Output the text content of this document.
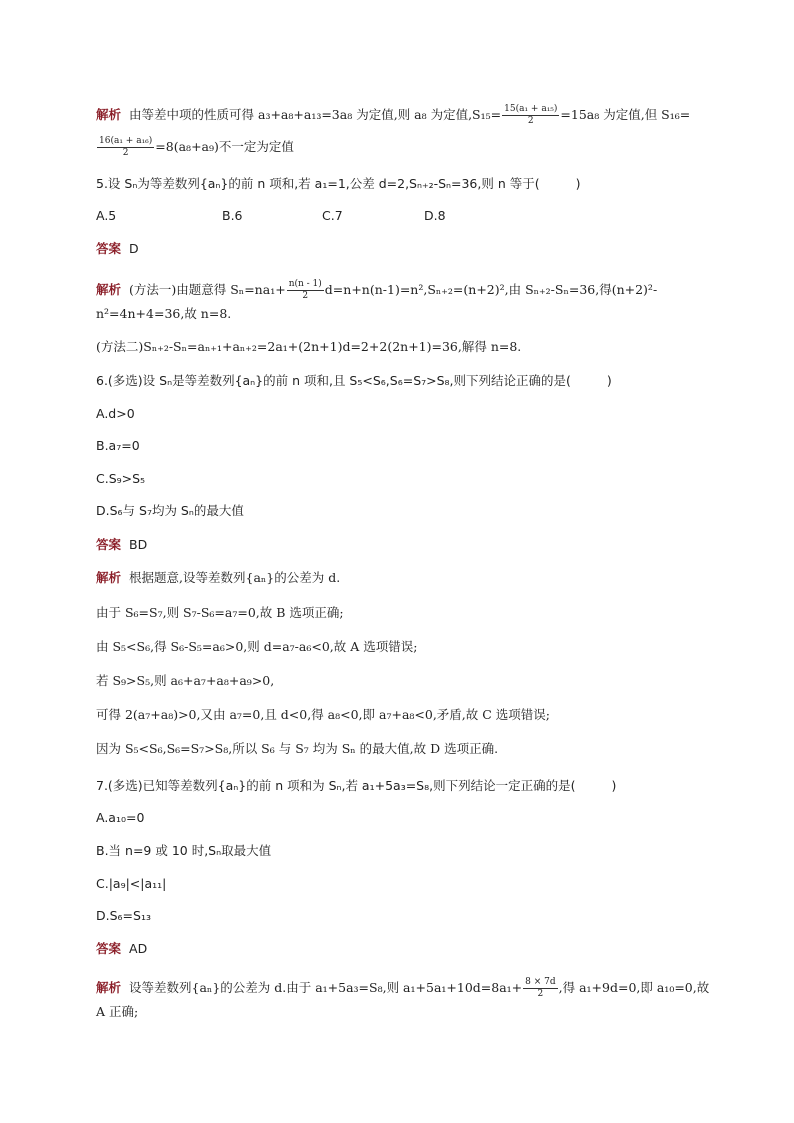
解析 由等差中项的性质可得 a₃+a₈+a₁₃=3a₈ 为定值,则 a₈ 为定值$,S_{15}= \frac{\text{15(a₁ + a₁₅)}}{2} =15a_8$ 为定值,但 S₁₆=
$\frac{\text{16(a₁ + a₁₆)}}{2} =8(a_8+a_9)$不一定为定值
5.设 Sₙ为等差数列{aₙ}的前 n 项和,若 a₁=1,公差 d=2,Sₙ₊₂-Sₙ=36,则 n 等于(	)
A.5	B.6	C.7	D.8
答案 D
解析 (方法一)由题意得 $S_n=na_1+ \frac{n(n - 1)}{2} d=n+n(n-1)=n^2,S_{n+2}=(n+2)^2$,由 Sₙ₊₂-Sₙ=36,得(n+2)²-
n²=4n+4=36,故 n=8.
(方法二)Sₙ₊₂-Sₙ=aₙ₊₁+aₙ₊₂=2a₁+(2n+1)d=2+2(2n+1)=36,解得 n=8.
6.(多选)设 Sₙ是等差数列{aₙ}的前 n 项和,且 S₅<S₆,S₆=S₇>S₈,则下列结论正确的是(	)
A.d>0
B.a₇=0
C.S₉>S₅
D.S₆与 S₇均为 Sₙ的最大值
答案 BD
解析 根据题意,设等差数列{aₙ}的公差为 d.
由于 S₆=S₇,则 S₇-S₆=a₇=0,故 B 选项正确;
由 S₅<S₆,得 S₆-S₅=a₆>0,则 d=a₇-a₆<0,故 A 选项错误;
若 S₉>S₅,则 a₆+a₇+a₈+a₉>0,
可得 2(a₇+a₈)>0,又由 a₇=0,且 d<0,得 a₈<0,即 a₇+a₈<0,矛盾,故 C 选项错误;
因为 S₅<S₆,S₆=S₇>S₈,所以 S₆ 与 S₇ 均为 Sₙ 的最大值,故 D 选项正确.
7.(多选)已知等差数列{aₙ}的前 n 项和为 Sₙ,若 a₁+5a₃=S₈,则下列结论一定正确的是(	)
A.a₁₀=0
B.当 n=9 或 10 时,Sₙ取最大值
C.|a₉|<|a₁₁|
D.S₆=S₁₃
答案 AD
解析 设等差数列{aₙ}的公差为 d.由于 a₁+5a₃=S₈,则 $a_1+5a_1+10d=8a_1+ \frac{8 \times 7d}{2}$ ,得 a₁+9d=0,即 a₁₀=0,故
A 正确;
